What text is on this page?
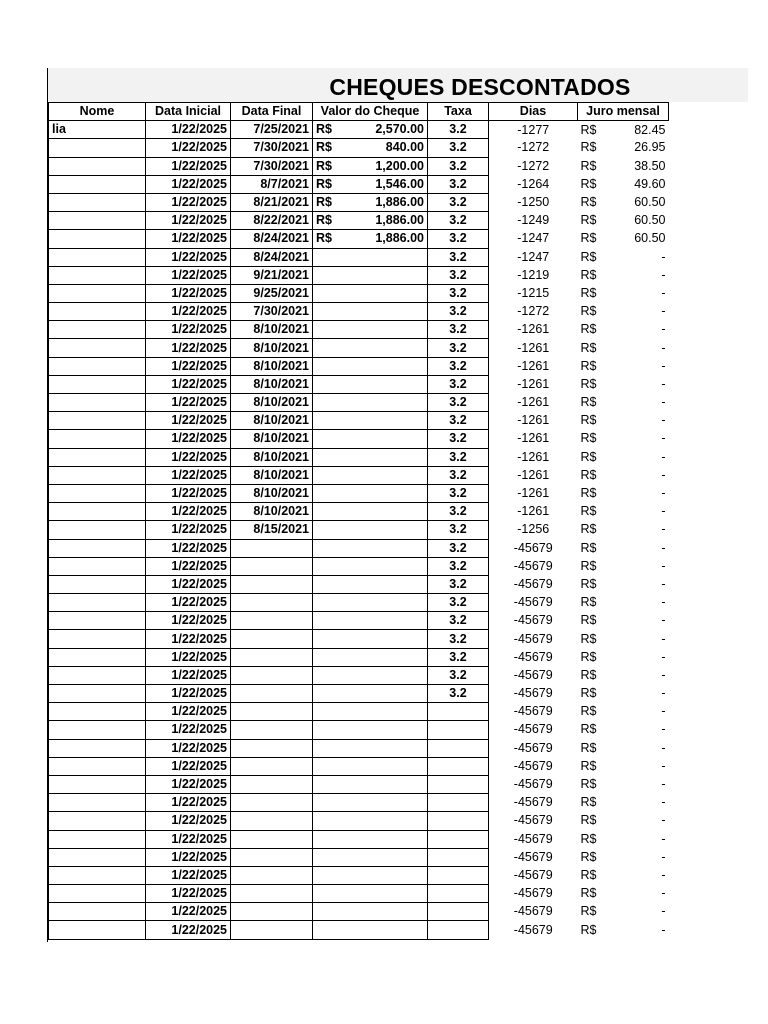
CHEQUES DESCONTADOS
Nome	Data Inicial	Data Final	Valor do Cheque	Taxa	Dias	Juro mensal	
lia	1/22/2025	7/25/2021	R$ 2,570.00	3.2	-1277	R$	82.45
	1/22/2025	7/30/2021	R$ 840.00	3.2	-1272	R$	26.95
	1/22/2025	7/30/2021	R$ 1,200.00	3.2	-1272	R$	38.50
	1/22/2025	8/7/2021	R$ 1,546.00	3.2	-1264	R$	49.60
	1/22/2025	8/21/2021	R$ 1,886.00	3.2	-1250	R$	60.50
	1/22/2025	8/22/2021	R$ 1,886.00	3.2	-1249	R$	60.50
	1/22/2025	8/24/2021	R$ 1,886.00	3.2	-1247	R$	60.50
	1/22/2025	8/24/2021		3.2	-1247	R$	-
	1/22/2025	9/21/2021		3.2	-1219	R$	-
	1/22/2025	9/25/2021		3.2	-1215	R$	-
	1/22/2025	7/30/2021		3.2	-1272	R$	-
	1/22/2025	8/10/2021		3.2	-1261	R$	-
	1/22/2025	8/10/2021		3.2	-1261	R$	-
	1/22/2025	8/10/2021		3.2	-1261	R$	-
	1/22/2025	8/10/2021		3.2	-1261	R$	-
	1/22/2025	8/10/2021		3.2	-1261	R$	-
	1/22/2025	8/10/2021		3.2	-1261	R$	-
	1/22/2025	8/10/2021		3.2	-1261	R$	-
	1/22/2025	8/10/2021		3.2	-1261	R$	-
	1/22/2025	8/10/2021		3.2	-1261	R$	-
	1/22/2025	8/10/2021		3.2	-1261	R$	-
	1/22/2025	8/10/2021		3.2	-1261	R$	-
	1/22/2025	8/15/2021		3.2	-1256	R$	-
	1/22/2025			3.2	-45679	R$	-
	1/22/2025			3.2	-45679	R$	-
	1/22/2025			3.2	-45679	R$	-
	1/22/2025			3.2	-45679	R$	-
	1/22/2025			3.2	-45679	R$	-
	1/22/2025			3.2	-45679	R$	-
	1/22/2025			3.2	-45679	R$	-
	1/22/2025			3.2	-45679	R$	-
	1/22/2025			3.2	-45679	R$	-
	1/22/2025				-45679	R$	-
	1/22/2025				-45679	R$	-
	1/22/2025				-45679	R$	-
	1/22/2025				-45679	R$	-
	1/22/2025				-45679	R$	-
	1/22/2025				-45679	R$	-
	1/22/2025				-45679	R$	-
	1/22/2025				-45679	R$	-
	1/22/2025				-45679	R$	-
	1/22/2025				-45679	R$	-
	1/22/2025				-45679	R$	-
	1/22/2025				-45679	R$	-
	1/22/2025				-45679	R$	-
